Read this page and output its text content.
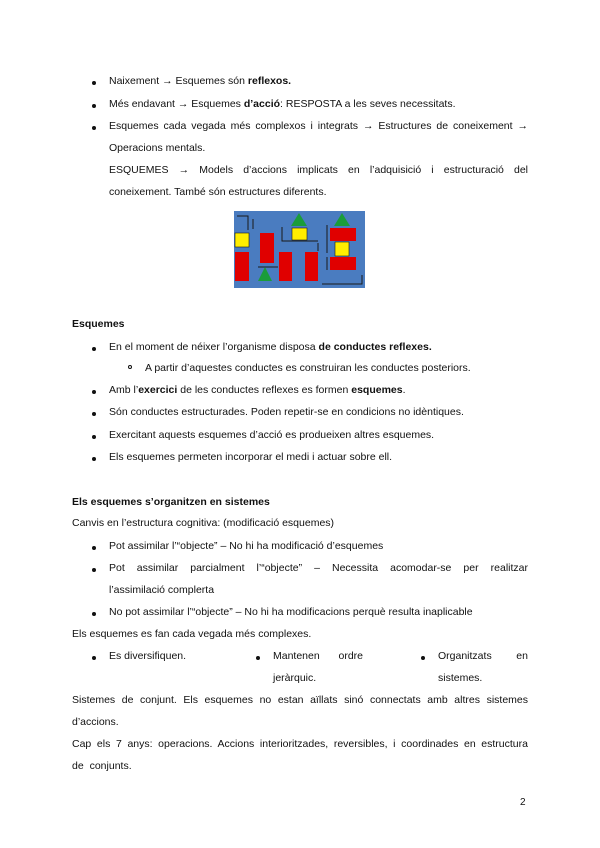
Naixement → Esquemes són reflexos.
Més endavant → Esquemes d’acció: RESPOSTA a les seves necessitats.
Esquemes cada vegada més complexos i integrats → Estructures de coneixement →
Operacions mentals.
ESQUEMES → Models d’accions implicats en l’adquisició i estructuració del
coneixement. També són estructures diferents.
Esquemes
En el moment de néixer l’organisme disposa de conductes reflexes.
A partir d’aquestes conductes es construiran les conductes posteriors.
Amb l’exercici de les conductes reflexes es formen esquemes.
Són conductes estructurades. Poden repetir-se en condicions no idèntiques.
Exercitant aquests esquemes d’acció es produeixen altres esquemes.
Els esquemes permeten incorporar el medi i actuar sobre ell.
Els esquemes s’organitzen en sistemes
Canvis en l’estructura cognitiva: (modificació esquemes)
Pot assimilar l’“objecte” – No hi ha modificació d’esquemes
Pot assimilar parcialment l’“objecte” – Necessita acomodar-se per realitzar
l’assimilació complerta
No pot assimilar l’“objecte” – No hi ha modificacions perquè resulta inaplicable
Els esquemes es fan cada vegada més complexes.
Es diversifiquen.	Mantenen ordre
jeràrquic.
Organitzats en
sistemes.
Sistemes de conjunt. Els esquemes no estan aïllats sinó connectats amb altres sistemes
d’accions.
Cap els 7 anys: operacions. Accions interioritzades, reversibles, i coordinades en estructura
de conjunts.
2
